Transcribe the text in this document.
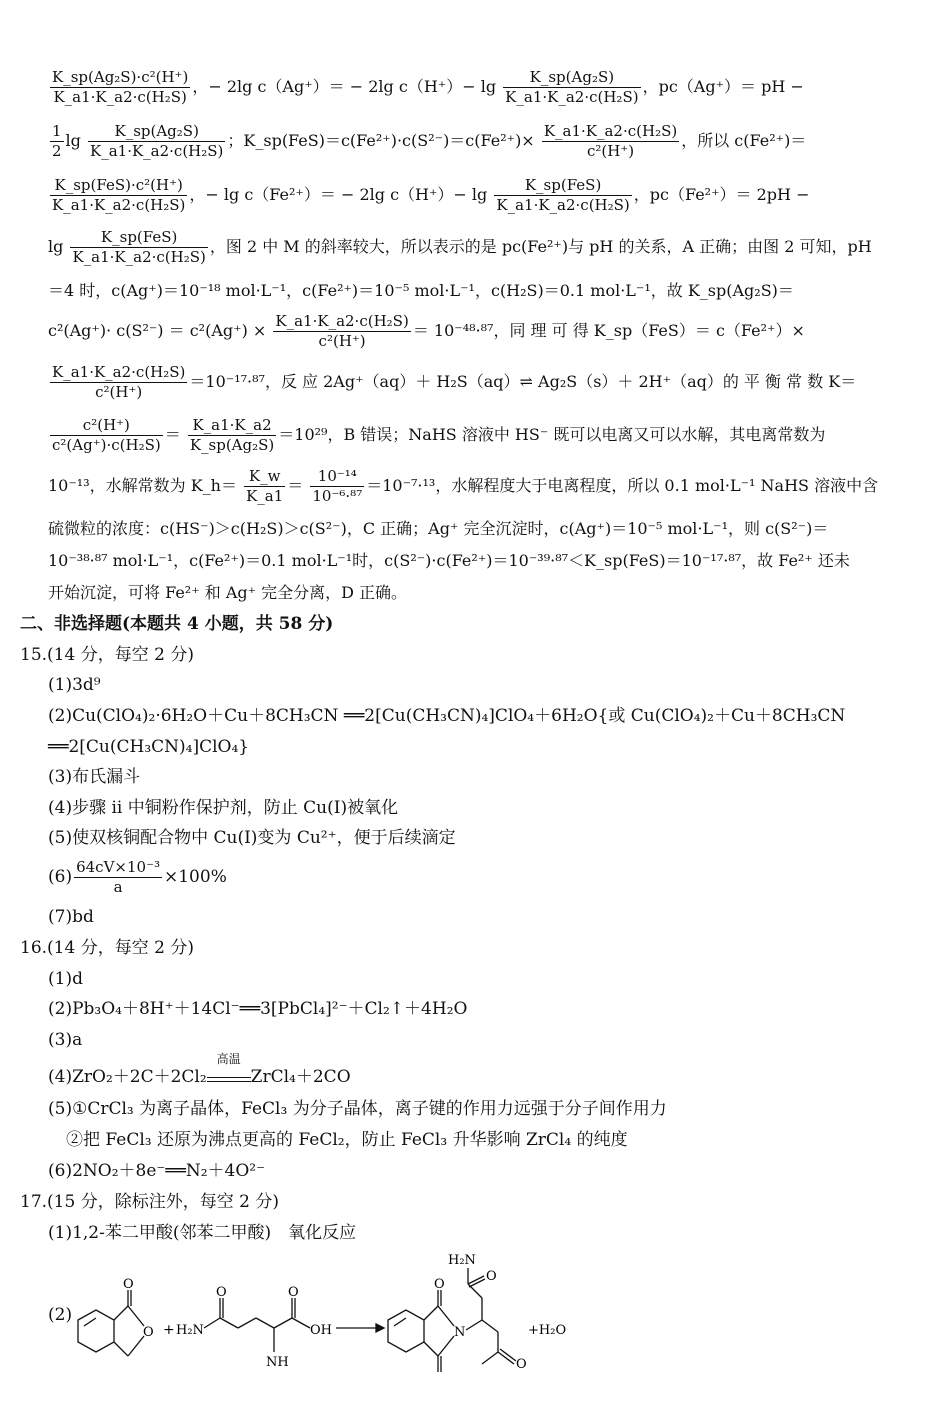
$\frac{\text{K\_sp(Ag₂S)·c²(H⁺)}}{\text{K\_a1·K\_a2·c(H₂S)}}$ ，− 2lg c（Ag⁺）＝ − 2lg $c(H^+)- \lg \frac{\text{K\_sp(Ag₂S)}}{\text{K\_a1·K\_a2·c(H₂S)}}$ ，pc（Ag⁺）＝ pH −
$\frac{1}{2}$ $\lg \frac{\text{K\_sp(Ag₂S)}}{\text{K\_a1·K\_a2·c(H₂S)}}$ ；K_sp(FeS)＝c(Fe²⁺)·c(S²⁻)＝c(Fe²⁺)× $\frac{\text{K\_a1·K\_a2·c(H₂S)}}{\text{c²(H⁺)}}$ ，所以 c(Fe²⁺)＝
$\frac{\text{K\_sp(FeS)·c²(H⁺)}}{\text{K\_a1·K\_a2·c(H₂S)}}$ ，− lg c（Fe²⁺）＝ − 2lg $c(H^+)- \lg \frac{\text{K\_sp(FeS)}}{\text{K\_a1·K\_a2·c(H₂S)}}$ ，pc（Fe²⁺）＝ 2pH −
$\lg \frac{\text{K\_sp(FeS)}}{\text{K\_a1·K\_a2·c(H₂S)}}$ ，图 2 中 M 的斜率较大，所以表示的是 pc(Fe²⁺)与 pH 的关系，A 正确；由图 2 可知，pH
＝4 时，c(Ag⁺)＝10⁻¹⁸ mol·L⁻¹，c(Fe²⁺)＝10⁻⁵ mol·L⁻¹，c(H₂S)＝0.1 mol·L⁻¹，故 K_sp(Ag₂S)＝
$c^2(Ag^+)\cdot c(S^{2-}) = c^2(Ag^+) \times \frac{\text{K\_a1·K\_a2·c(H₂S)}}{\text{c²(H⁺)}} = 10^{-48}\cdot^{87}$，同 理 可 得 K_sp（FeS）＝ c（Fe²⁺）×
$\frac{\text{K\_a1·K\_a2·c(H₂S)}}{\text{c²(H⁺)}} =10^{-17}\cdot^{87}$，反 应 2Ag⁺（aq）＋ H₂S（aq）⇌ Ag₂S（s）＋ 2H⁺（aq）的 平 衡 常 数 K＝
$\frac{\text{c²(H⁺)}}{\text{c²(Ag⁺)·c(H₂S)}} = \frac{K\_a1\cdot K\_a2}{\text{K\_sp(Ag₂S)}} =10^{29}$，B 错误；NaHS 溶液中 HS⁻ 既可以电离又可以水解，其电离常数为
10⁻¹³，水解常数为 K_h＝ $\frac{K\_w}{K\_a1} = \frac{\text{10⁻¹⁴}}{\text{10⁻⁶·⁸⁷}} =10^{-7}\cdot^{13}$，水解程度大于电离程度，所以 0.1 mol·L⁻¹ NaHS 溶液中含
硫微粒的浓度：c(HS⁻)＞c(H₂S)＞c(S²⁻)，C 正确；Ag⁺ 完全沉淀时，c(Ag⁺)＝10⁻⁵ mol·L⁻¹，则 c(S²⁻)＝
10⁻³⁸·⁸⁷ mol·L⁻¹，c(Fe²⁺)＝0.1 mol·L⁻¹时，c(S²⁻)·c(Fe²⁺)＝10⁻³⁹·⁸⁷＜K_sp(FeS)＝10⁻¹⁷·⁸⁷，故 Fe²⁺ 还未
开始沉淀，可将 Fe²⁺ 和 Ag⁺ 完全分离，D 正确。
二、非选择题(本题共 4 小题，共 58 分)
15.(14 分，每空 2 分)
(1)3d⁹
(2)Cu(ClO₄)₂·6H₂O＋Cu＋8CH₃CN ══2[Cu(CH₃CN)₄]ClO₄＋6H₂O{或 Cu(ClO₄)₂＋Cu＋8CH₃CN
══2[Cu(CH₃CN)₄]ClO₄}
(3)布氏漏斗
(4)步骤 ii 中铜粉作保护剂，防止 Cu(Ⅰ)被氧化
(5)使双核铜配合物中 Cu(Ⅰ)变为 Cu²⁺，便于后续滴定
$(6) \frac{\text{64cV×10⁻³}}{a} \times 100\%$
(7)bd
16.(14 分，每空 2 分)
(1)d
(2)Pb₃O₄＋8H⁺＋14Cl⁻══3[PbCl₄]²⁻＋Cl₂↑＋4H₂O
(3)a
(4)ZrO₂＋2C＋2Cl₂
高温
ZrCl₄＋2CO
(5)①CrCl₃ 为离子晶体，FeCl₃ 为分子晶体，离子键的作用力远强于分子间作用力
②把 FeCl₃ 还原为沸点更高的 FeCl₂，防止 FeCl₃ 升华影响 ZrCl₄ 的纯度
(6)2NO₂＋8e⁻══N₂＋4O²⁻
17.(15 分，除标注外，每空 2 分)
(1)1,2-苯二甲酸(邻苯二甲酸)　氧化反应
(2)
O
O + H₂N
O	O
OH
NH
O
N
H₂N
O
O
+H₂O
